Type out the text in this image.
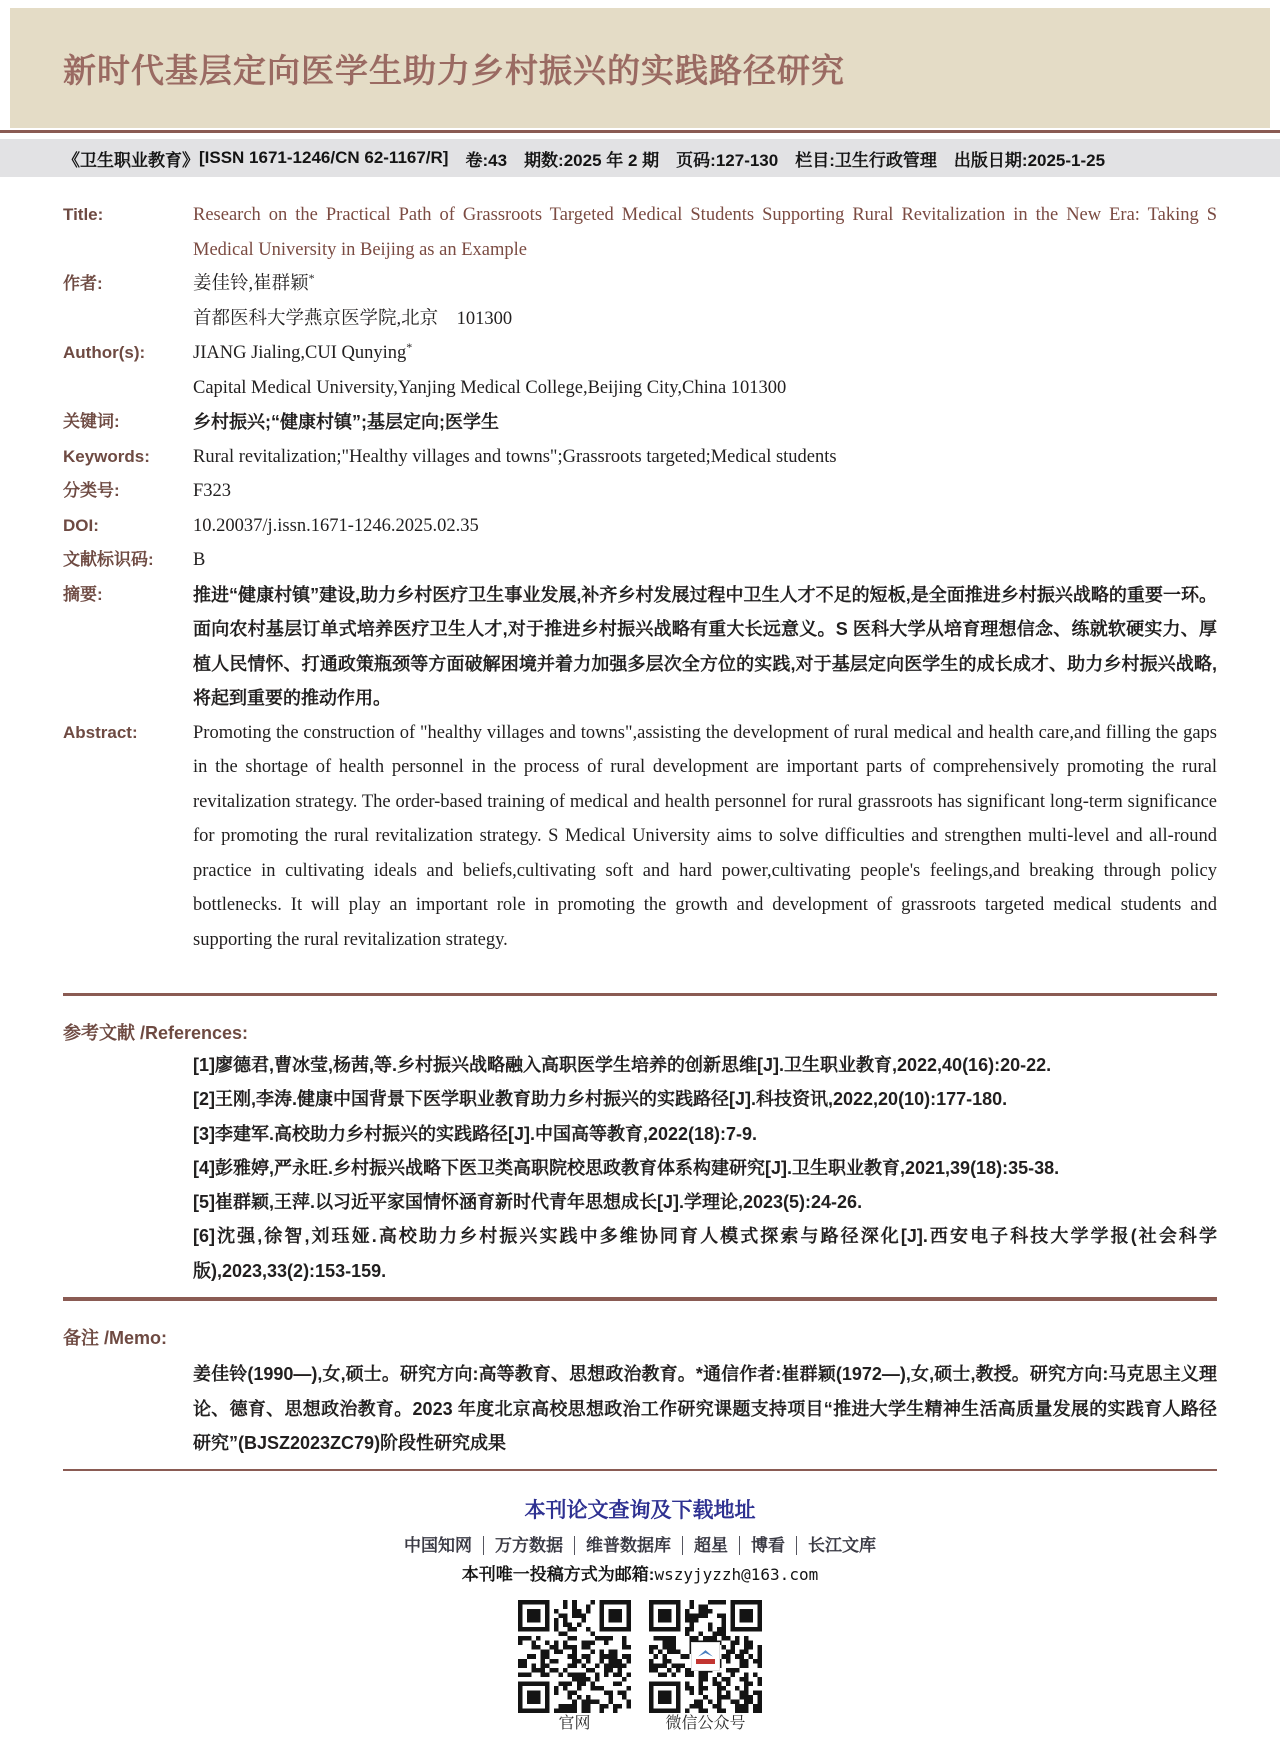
新时代基层定向医学生助力乡村振兴的实践路径研究
《卫生职业教育》 [ISSN 1671-1246/CN 62-1167/R] 卷:43 期数:2025 年 2 期 页码:127-130 栏目:卫生行政管理 出版日期:2025-1-25
Title:	Research on the Practical Path of Grassroots Targeted Medical Students Supporting Rural Revitalization in the New Era: Taking S Medical University in Beijing as an Example
作者:	姜佳铃,崔群颖*
首都医科大学燕京医学院,北京　101300
Author(s):	JIANG Jialing,CUI Qunying*
Capital Medical University,Yanjing Medical College,Beijing City,China 101300
关键词:	乡村振兴;“健康村镇”;基层定向;医学生
Keywords:	Rural revitalization;"Healthy villages and towns";Grassroots targeted;Medical students
分类号:	F323
DOI:	10.20037/j.issn.1671-1246.2025.02.35
文献标识码:	B
摘要:	推进“健康村镇”建设,助力乡村医疗卫生事业发展,补齐乡村发展过程中卫生人才不足的短板,是全面推进乡村振兴战略的重要一环。面向农村基层订单式培养医疗卫生人才,对于推进乡村振兴战略有重大长远意义。S 医科大学从培育理想信念、练就软硬实力、厚植人民情怀、打通政策瓶颈等方面破解困境并着力加强多层次全方位的实践,对于基层定向医学生的成长成才、助力乡村振兴战略,将起到重要的推动作用。
Abstract:	Promoting the construction of "healthy villages and towns",assisting the development of rural medical and health care,and filling the gaps in the shortage of health personnel in the process of rural development are important parts of comprehensively promoting the rural revitalization strategy. The order-based training of medical and health personnel for rural grassroots has significant long-term significance for promoting the rural revitalization strategy. S Medical University aims to solve difficulties and strengthen multi-level and all-round practice in cultivating ideals and beliefs,cultivating soft and hard power,cultivating people's feelings,and breaking through policy bottlenecks. It will play an important role in promoting the growth and development of grassroots targeted medical students and supporting the rural revitalization strategy.
参考文献 /References:
[1]廖德君,曹冰莹,杨茜,等.乡村振兴战略融入高职医学生培养的创新思维[J].卫生职业教育,2022,40(16):20-22.
[2]王刚,李涛.健康中国背景下医学职业教育助力乡村振兴的实践路径[J].科技资讯,2022,20(10):177-180.
[3]李建军.高校助力乡村振兴的实践路径[J].中国高等教育,2022(18):7-9.
[4]彭雅婷,严永旺.乡村振兴战略下医卫类高职院校思政教育体系构建研究[J].卫生职业教育,2021,39(18):35-38.
[5]崔群颖,王萍.以习近平家国情怀涵育新时代青年思想成长[J].学理论,2023(5):24-26.
[6]沈强,徐智,刘珏娅.高校助力乡村振兴实践中多维协同育人模式探索与路径深化[J].西安电子科技大学学报(社会科学版),2023,33(2):153-159.
备注 /Memo:
姜佳铃(1990—),女,硕士。研究方向:高等教育、思想政治教育。*通信作者:崔群颖(1972—),女,硕士,教授。研究方向:马克思主义理论、德育、思想政治教育。2023 年度北京高校思想政治工作研究课题支持项目“推进大学生精神生活高质量发展的实践育人路径研究”(BJSZ2023ZC79)阶段性研究成果
本刊论文查询及下载地址
中国知网 万方数据 维普数据库 超星 博看 长江文库
本刊唯一投稿方式为邮箱:wszyjyzzh@163.com
官网	微信公众号
